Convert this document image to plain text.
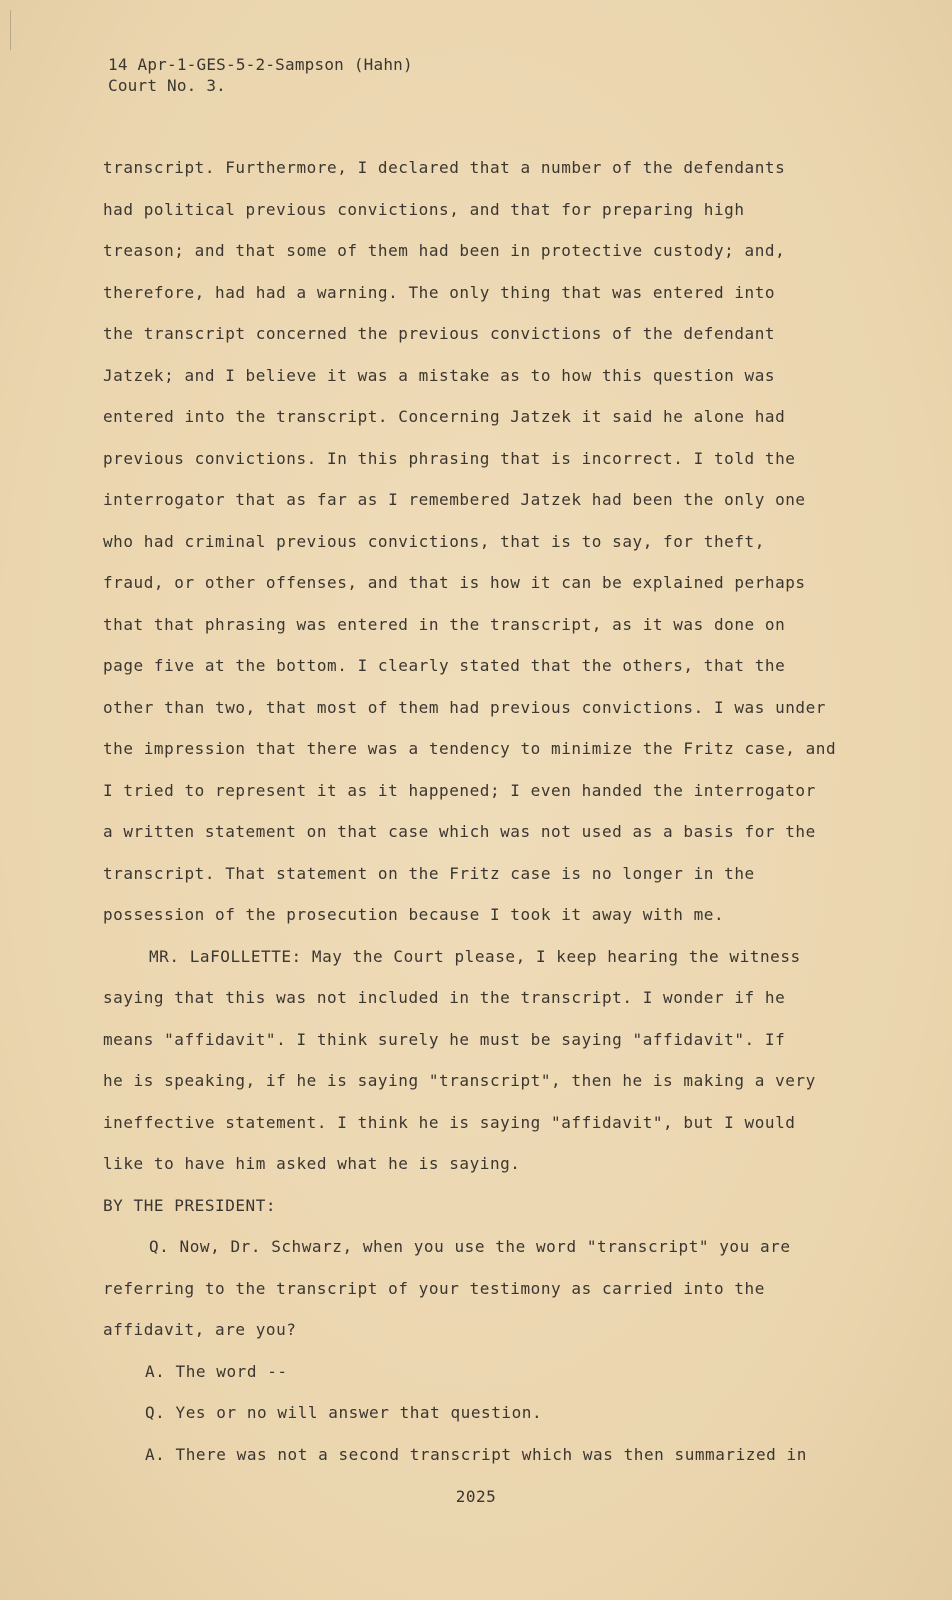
14 Apr-1-GES-5-2-Sampson (Hahn)
Court No. 3.
transcript. Furthermore, I declared that a number of the defendants
had political previous convictions, and that for preparing high
treason; and that some of them had been in protective custody; and,
therefore, had had a warning. The only thing that was entered into
the transcript concerned the previous convictions of the defendant
Jatzek; and I believe it was a mistake as to how this question was
entered into the transcript. Concerning Jatzek it said he alone had
previous convictions. In this phrasing that is incorrect. I told the
interrogator that as far as I remembered Jatzek had been the only one
who had criminal previous convictions, that is to say, for theft,
fraud, or other offenses, and that is how it can be explained perhaps
that that phrasing was entered in the transcript, as it was done on
page five at the bottom. I clearly stated that the others, that the
other than two, that most of them had previous convictions. I was under
the impression that there was a tendency to minimize the Fritz case, and
I tried to represent it as it happened; I even handed the interrogator
a written statement on that case which was not used as a basis for the
transcript. That statement on the Fritz case is no longer in the
possession of the prosecution because I took it away with me.
MR. LaFOLLETTE: May the Court please, I keep hearing the witness
saying that this was not included in the transcript. I wonder if he
means "affidavit". I think surely he must be saying "affidavit". If
he is speaking, if he is saying "transcript", then he is making a very
ineffective statement. I think he is saying "affidavit", but I would
like to have him asked what he is saying.
BY THE PRESIDENT:
Q. Now, Dr. Schwarz, when you use the word "transcript" you are
referring to the transcript of your testimony as carried into the
affidavit, are you?
A. The word --
Q. Yes or no will answer that question.
A. There was not a second transcript which was then summarized in
2025
